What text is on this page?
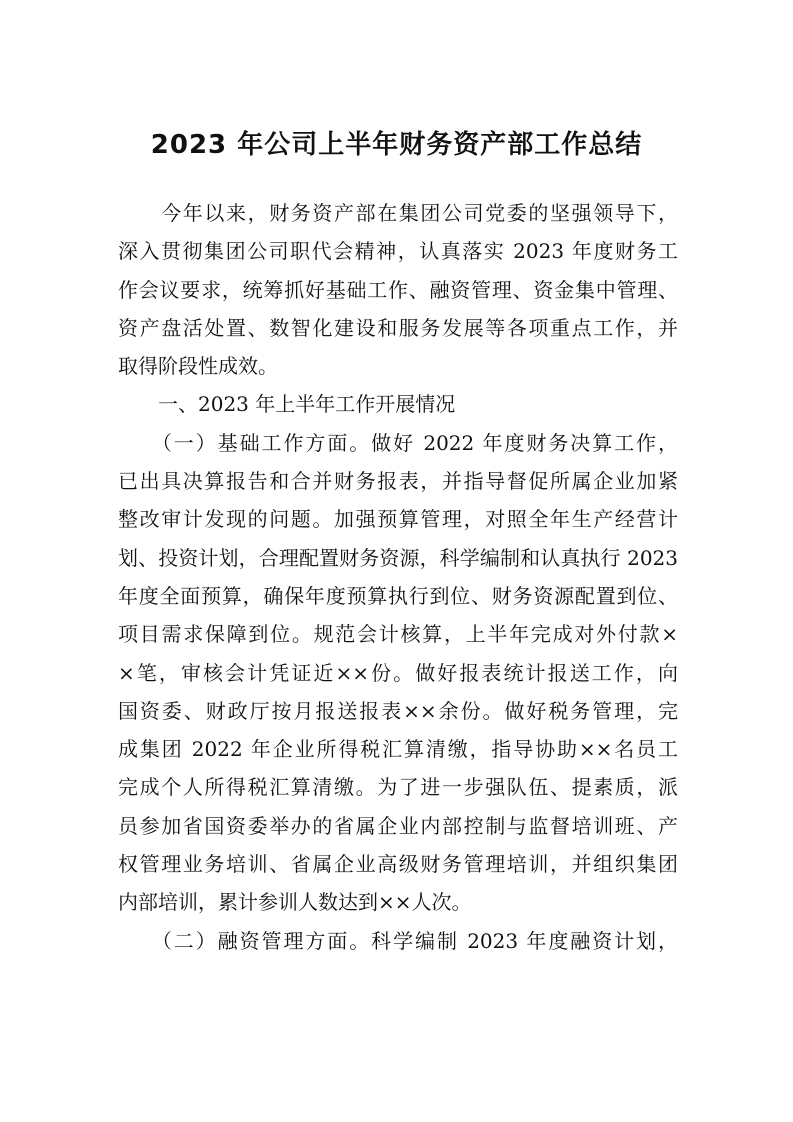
2023 年公司上半年财务资产部工作总结
　　今年以来，财务资产部在集团公司党委的坚强领导下，
深入贯彻集团公司职代会精神，认真落实 2023 年度财务工
作会议要求，统筹抓好基础工作、融资管理、资金集中管理、
资产盘活处置、数智化建设和服务发展等各项重点工作，并
取得阶段性成效。
　　一、2023 年上半年工作开展情况
　　（一）基础工作方面。做好 2022 年度财务决算工作，
已出具决算报告和合并财务报表，并指导督促所属企业加紧
整改审计发现的问题。加强预算管理，对照全年生产经营计
划、投资计划，合理配置财务资源，科学编制和认真执行 2023
年度全面预算，确保年度预算执行到位、财务资源配置到位、
项目需求保障到位。规范会计核算，上半年完成对外付款×
×笔，审核会计凭证近××份。做好报表统计报送工作，向
国资委、财政厅按月报送报表××余份。做好税务管理，完
成集团 2022 年企业所得税汇算清缴，指导协助××名员工
完成个人所得税汇算清缴。为了进一步强队伍、提素质，派
员参加省国资委举办的省属企业内部控制与监督培训班、产
权管理业务培训、省属企业高级财务管理培训，并组织集团
内部培训，累计参训人数达到××人次。
　　（二）融资管理方面。科学编制 2023 年度融资计划，
